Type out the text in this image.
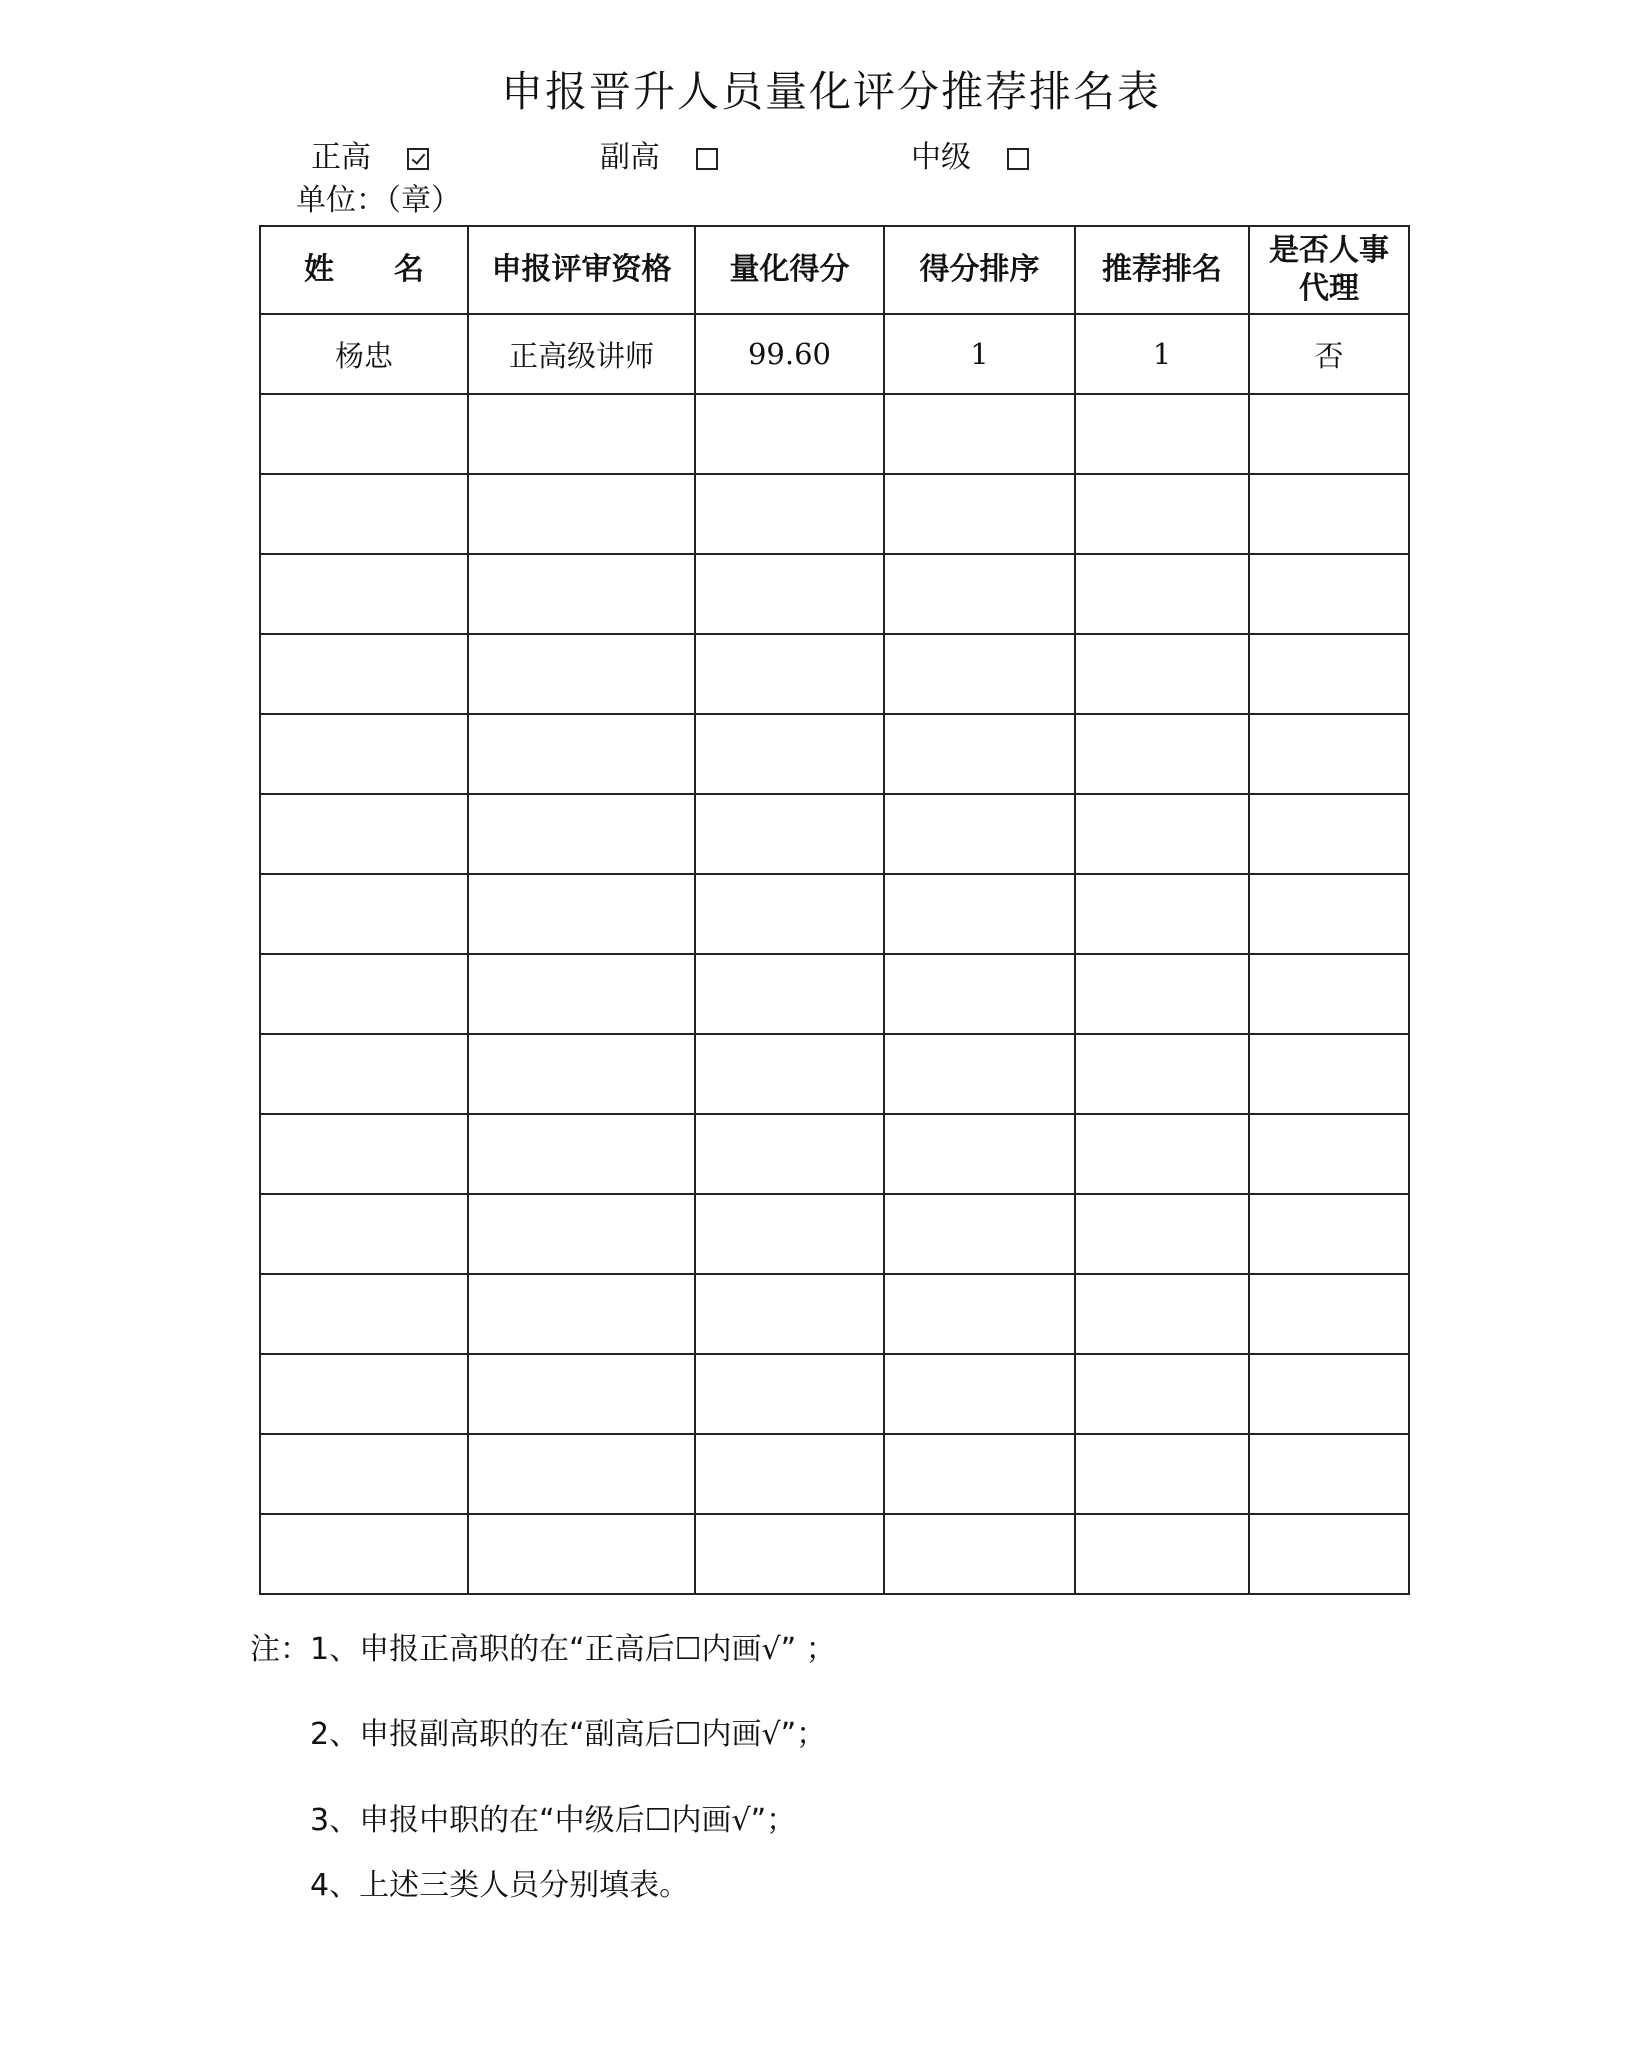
申报晋升人员量化评分推荐排名表
正高	副高	中级
单位：（章）
姓　　名	申报评审资格	量化得分	得分排序	推荐排名	是否人事代理
杨忠	正高级讲师	99.60	1	1	否

注：1、申报正高职的在“正高后☐内画√” ；
2、申报副高职的在“副高后☐内画√”；
3、申报中职的在“中级后☐内画√”；
4、上述三类人员分别填表。
